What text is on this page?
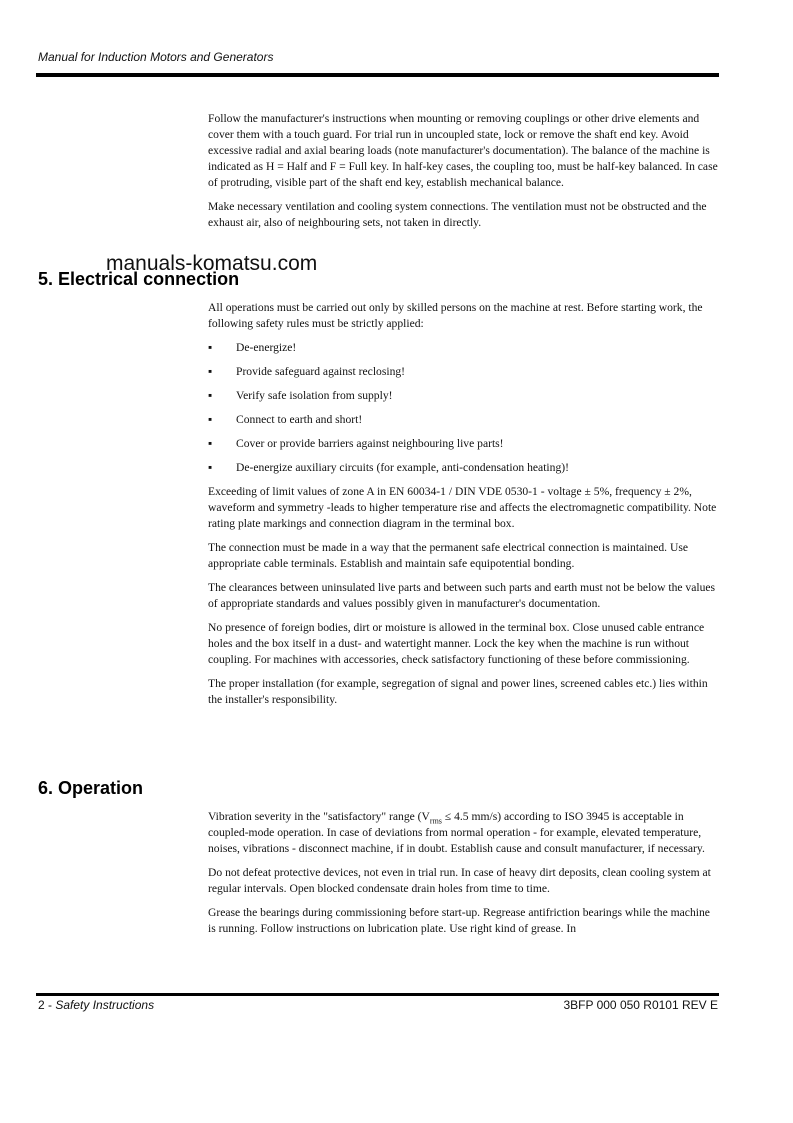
Manual for Induction Motors and Generators

Follow the manufacturer's instructions when mounting or removing couplings or other drive elements and cover them with a touch guard. For trial run in uncoupled state, lock or remove the shaft end key. Avoid excessive radial and axial bearing loads (note manufacturer's documentation). The balance of the machine is indicated as H = Half and F = Full key. In half-key cases, the coupling too, must be half-key balanced. In case of protruding, visible part of the shaft end key, establish mechanical balance.

Make necessary ventilation and cooling system connections. The ventilation must not be obstructed and the exhaust air, also of neighbouring sets, not taken in directly.

5. Electrical connection
manuals-komatsu.com

All operations must be carried out only by skilled persons on the machine at rest. Before starting work, the following safety rules must be strictly applied:

▪ De-energize!
▪ Provide safeguard against reclosing!
▪ Verify safe isolation from supply!
▪ Connect to earth and short!
▪ Cover or provide barriers against neighbouring live parts!
▪ De-energize auxiliary circuits (for example, anti-condensation heating)!

Exceeding of limit values of zone A in EN 60034-1 / DIN VDE 0530-1 - voltage ± 5%, frequency ± 2%, waveform and symmetry -leads to higher temperature rise and affects the electromagnetic compatibility. Note rating plate markings and connection diagram in the terminal box.

The connection must be made in a way that the permanent safe electrical connection is maintained. Use appropriate cable terminals. Establish and maintain safe equipotential bonding.

The clearances between uninsulated live parts and between such parts and earth must not be below the values of appropriate standards and values possibly given in manufacturer's documentation.

No presence of foreign bodies, dirt or moisture is allowed in the terminal box. Close unused cable entrance holes and the box itself in a dust- and watertight manner. Lock the key when the machine is run without coupling. For machines with accessories, check satisfactory functioning of these before commissioning.

The proper installation (for example, segregation of signal and power lines, screened cables etc.) lies within the installer's responsibility.

6. Operation

Vibration severity in the "satisfactory" range ($V_{rms} \le 4.5$ mm/s) according to ISO 3945 is acceptable in coupled-mode operation. In case of deviations from normal operation - for example, elevated temperature, noises, vibrations - disconnect machine, if in doubt. Establish cause and consult manufacturer, if necessary.

Do not defeat protective devices, not even in trial run. In case of heavy dirt deposits, clean cooling system at regular intervals. Open blocked condensate drain holes from time to time.

Grease the bearings during commissioning before start-up. Regrease antifriction bearings while the machine is running. Follow instructions on lubrication plate. Use right kind of grease. In

2 - Safety Instructions	3BFP 000 050 R0101 REV E
